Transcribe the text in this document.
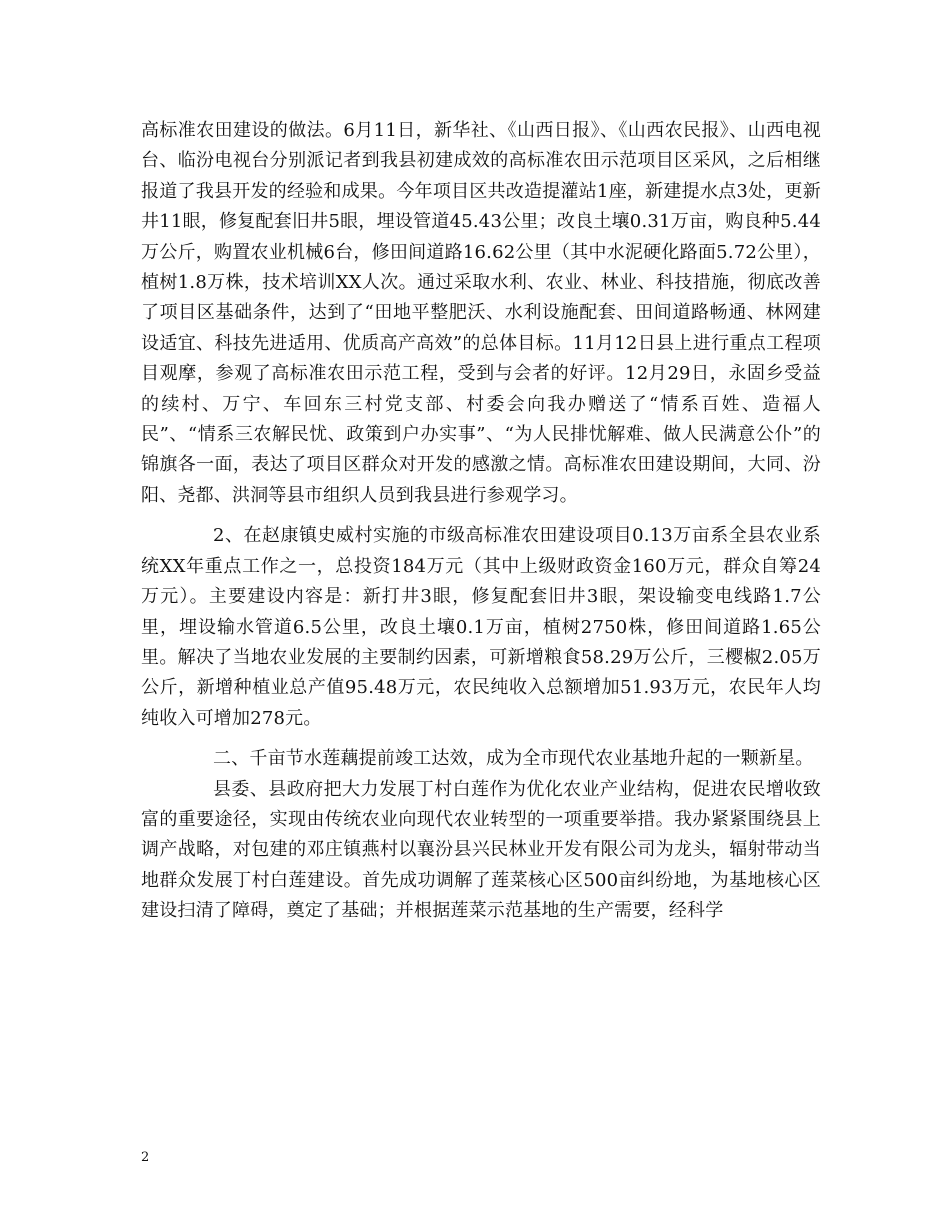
高标准农田建设的做法。6月11日，新华社、《山西日报》、《山西农民报》、山西电视台、临汾电视台分别派记者到我县初建成效的高标准农田示范项目区采风，之后相继报道了我县开发的经验和成果。今年项目区共改造提灌站1座，新建提水点3处，更新井11眼，修复配套旧井5眼，埋设管道45.43公里；改良土壤0.31万亩，购良种5.44万公斤，购置农业机械6台，修田间道路16.62公里（其中水泥硬化路面5.72公里），植树1.8万株，技术培训XX人次。通过采取水利、农业、林业、科技措施，彻底改善了项目区基础条件，达到了“田地平整肥沃、水利设施配套、田间道路畅通、林网建设适宜、科技先进适用、优质高产高效”的总体目标。11月12日县上进行重点工程项目观摩，参观了高标准农田示范工程，受到与会者的好评。12月29日，永固乡受益的续村、万宁、车回东三村党支部、村委会向我办赠送了“情系百姓、造福人民”、“情系三农解民忧、政策到户办实事”、“为人民排忧解难、做人民满意公仆”的锦旗各一面，表达了项目区群众对开发的感激之情。高标准农田建设期间，大同、汾阳、尧都、洪洞等县市组织人员到我县进行参观学习。

2、在赵康镇史威村实施的市级高标准农田建设项目0.13万亩系全县农业系统XX年重点工作之一，总投资184万元（其中上级财政资金160万元，群众自筹24万元）。主要建设内容是：新打井3眼，修复配套旧井3眼，架设输变电线路1.7公里，埋设输水管道6.5公里，改良土壤0.1万亩，植树2750株，修田间道路1.65公里。解决了当地农业发展的主要制约因素，可新增粮食58.29万公斤，三樱椒2.05万公斤，新增种植业总产值95.48万元，农民纯收入总额增加51.93万元，农民年人均纯收入可增加278元。

二、千亩节水莲藕提前竣工达效，成为全市现代农业基地升起的一颗新星。

县委、县政府把大力发展丁村白莲作为优化农业产业结构，促进农民增收致富的重要途径，实现由传统农业向现代农业转型的一项重要举措。我办紧紧围绕县上调产战略，对包建的邓庄镇燕村以襄汾县兴民林业开发有限公司为龙头，辐射带动当地群众发展丁村白莲建设。首先成功调解了莲菜核心区500亩纠纷地，为基地核心区建设扫清了障碍，奠定了基础；并根据莲菜示范基地的生产需要，经科学

2
